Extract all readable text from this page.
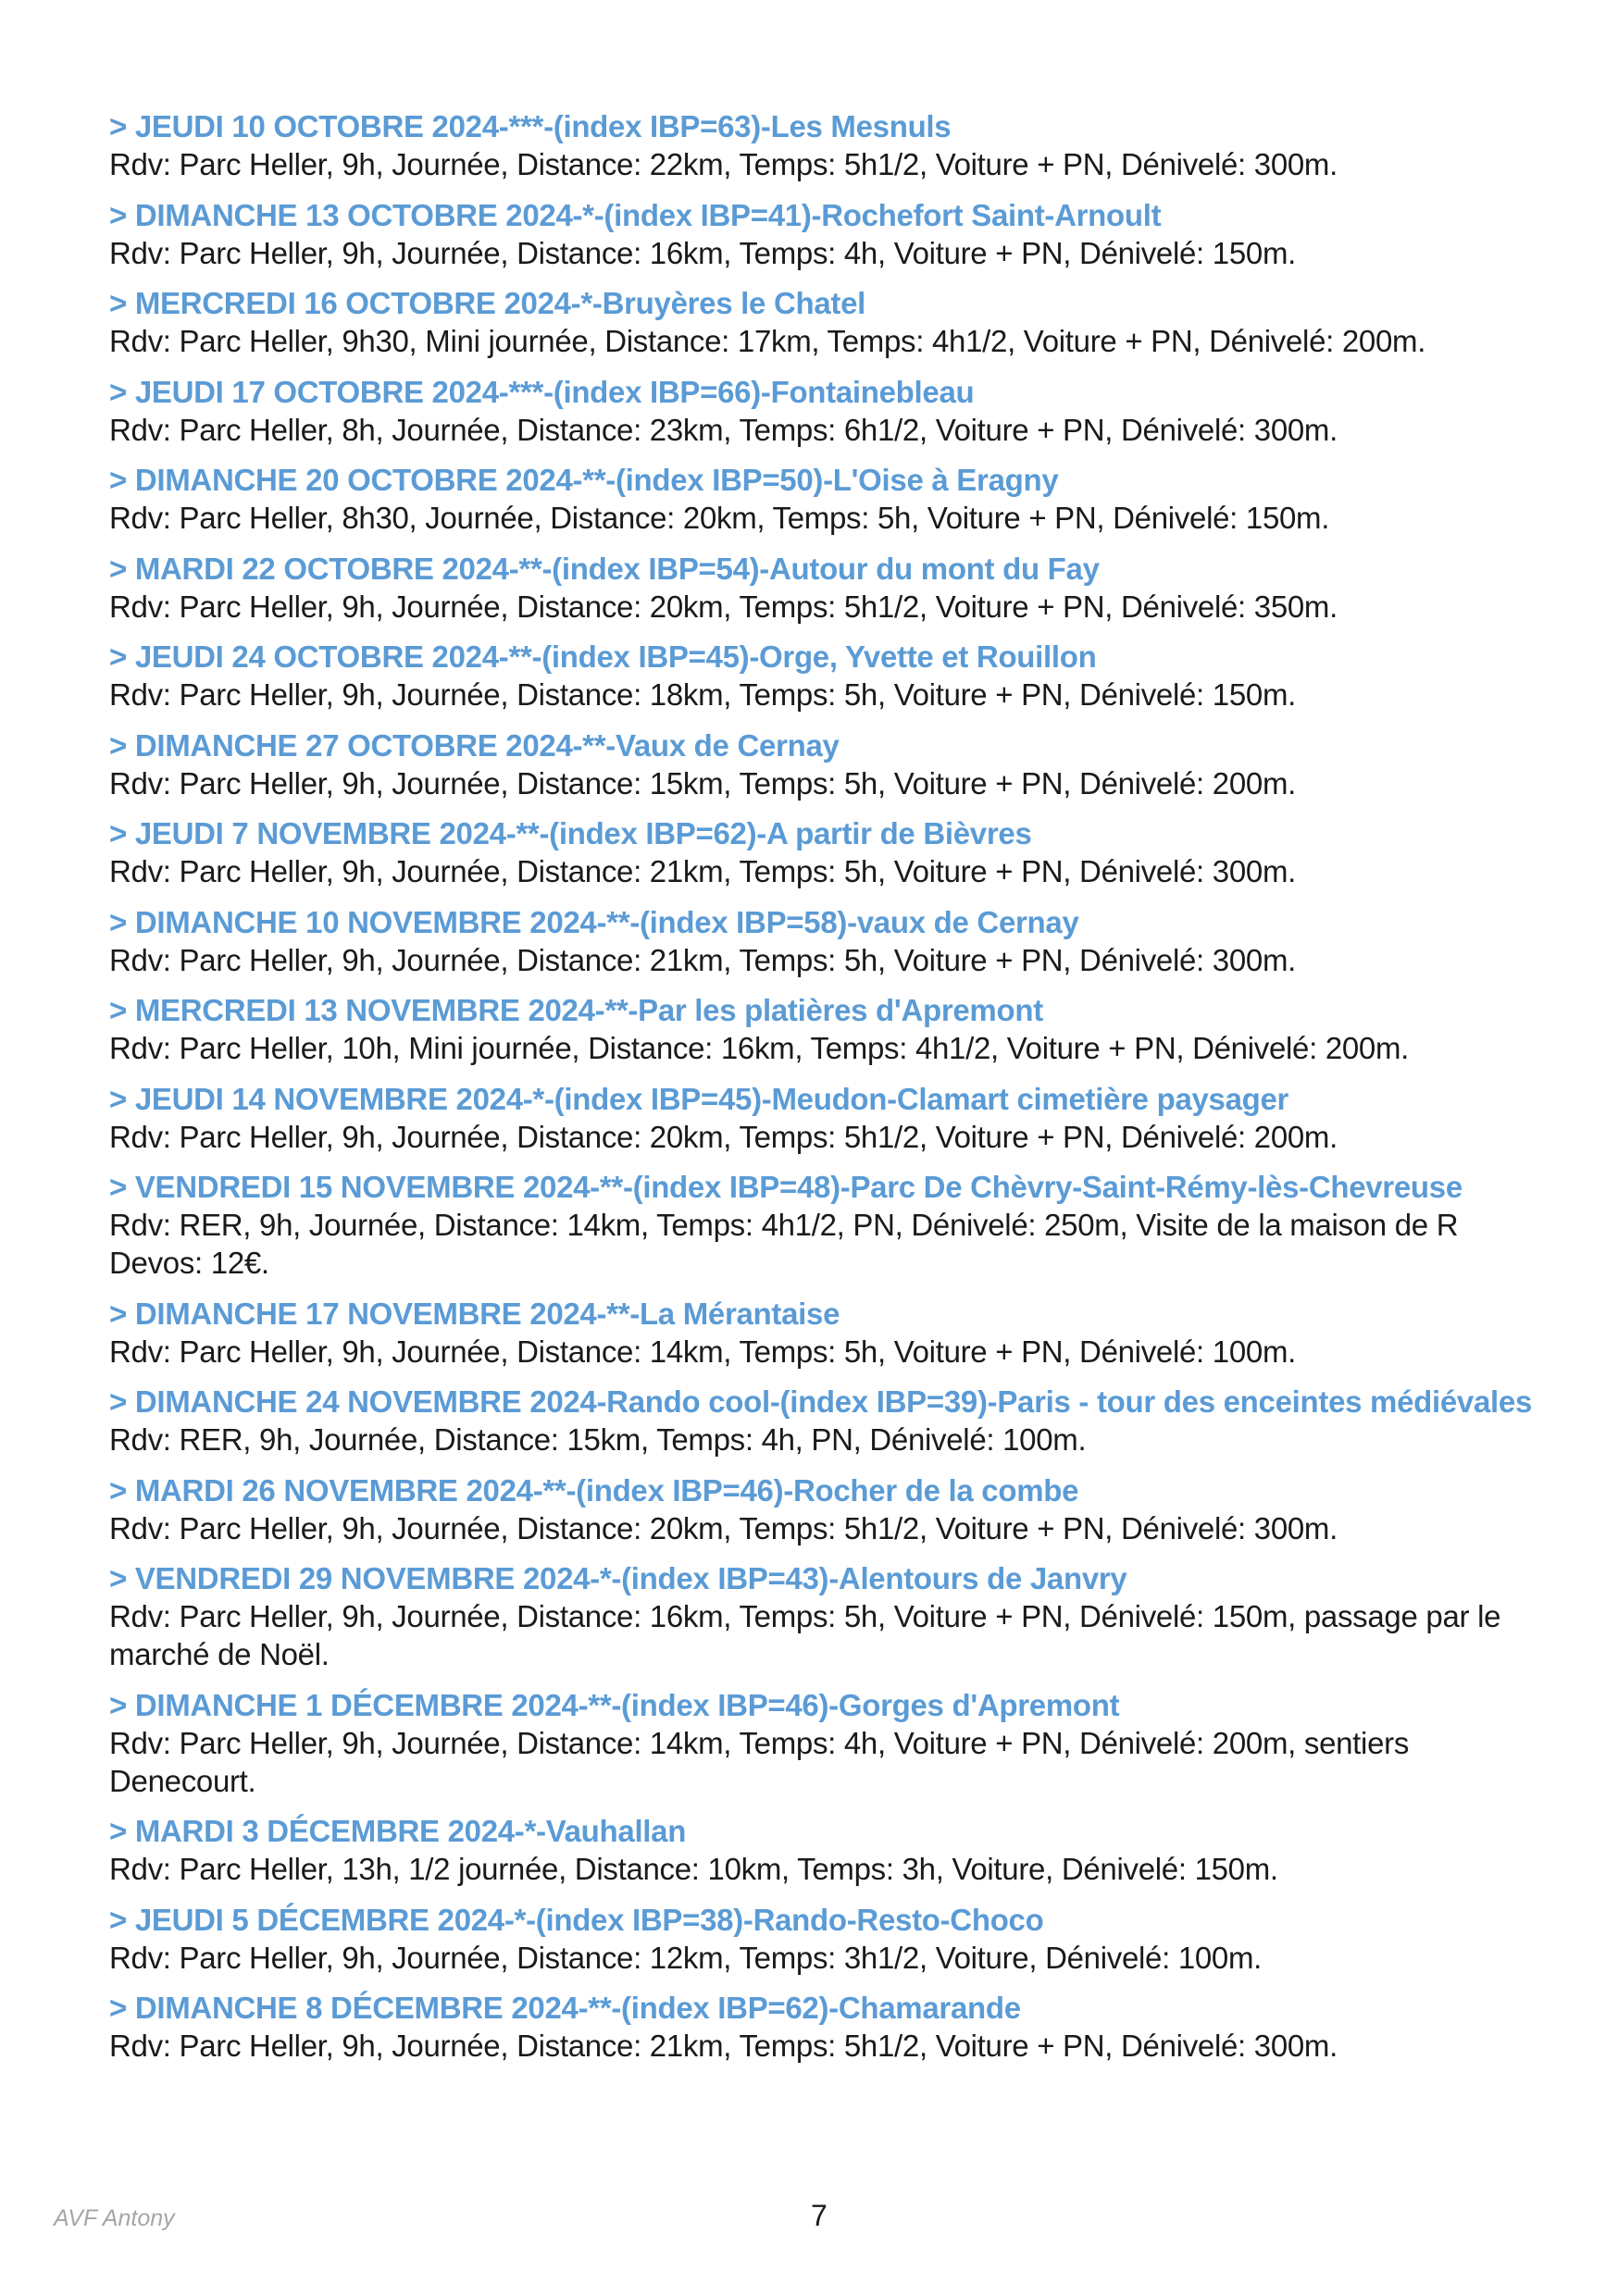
> JEUDI 10 OCTOBRE 2024-***-(index IBP=63)-Les Mesnuls
Rdv: Parc Heller, 9h, Journée, Distance: 22km, Temps: 5h1/2, Voiture + PN, Dénivelé: 300m.
> DIMANCHE 13 OCTOBRE 2024-*-(index IBP=41)-Rochefort Saint-Arnoult
Rdv: Parc Heller, 9h, Journée, Distance: 16km, Temps: 4h, Voiture + PN, Dénivelé: 150m.
> MERCREDI 16 OCTOBRE 2024-*-Bruyères le Chatel
Rdv: Parc Heller, 9h30, Mini journée, Distance: 17km, Temps: 4h1/2, Voiture + PN, Dénivelé: 200m.
> JEUDI 17 OCTOBRE 2024-***-(index IBP=66)-Fontainebleau
Rdv: Parc Heller, 8h, Journée, Distance: 23km, Temps: 6h1/2, Voiture + PN, Dénivelé: 300m.
> DIMANCHE 20 OCTOBRE 2024-**-(index IBP=50)-L'Oise à Eragny
Rdv: Parc Heller, 8h30, Journée, Distance: 20km, Temps: 5h, Voiture + PN, Dénivelé: 150m.
> MARDI 22 OCTOBRE 2024-**-(index IBP=54)-Autour du mont du Fay
Rdv: Parc Heller, 9h, Journée, Distance: 20km, Temps: 5h1/2, Voiture + PN, Dénivelé: 350m.
> JEUDI 24 OCTOBRE 2024-**-(index IBP=45)-Orge, Yvette et Rouillon
Rdv: Parc Heller, 9h, Journée, Distance: 18km, Temps: 5h, Voiture + PN, Dénivelé: 150m.
> DIMANCHE 27 OCTOBRE 2024-**-Vaux de Cernay
Rdv: Parc Heller, 9h, Journée, Distance: 15km, Temps: 5h, Voiture + PN, Dénivelé: 200m.
> JEUDI 7 NOVEMBRE 2024-**-(index IBP=62)-A partir de Bièvres
Rdv: Parc Heller, 9h, Journée, Distance: 21km, Temps: 5h, Voiture + PN, Dénivelé: 300m.
> DIMANCHE 10 NOVEMBRE 2024-**-(index IBP=58)-vaux de Cernay
Rdv: Parc Heller, 9h, Journée, Distance: 21km, Temps: 5h, Voiture + PN, Dénivelé: 300m.
> MERCREDI 13 NOVEMBRE 2024-**-Par les platières d'Apremont
Rdv: Parc Heller, 10h, Mini journée, Distance: 16km, Temps: 4h1/2, Voiture + PN, Dénivelé: 200m.
> JEUDI 14 NOVEMBRE 2024-*-(index IBP=45)-Meudon-Clamart cimetière paysager
Rdv: Parc Heller, 9h, Journée, Distance: 20km, Temps: 5h1/2, Voiture + PN, Dénivelé: 200m.
> VENDREDI 15 NOVEMBRE 2024-**-(index IBP=48)-Parc De Chèvry-Saint-Rémy-lès-Chevreuse
Rdv: RER, 9h, Journée, Distance: 14km, Temps: 4h1/2, PN, Dénivelé: 250m, Visite de la maison de R Devos: 12€.
> DIMANCHE 17 NOVEMBRE 2024-**-La Mérantaise
Rdv: Parc Heller, 9h, Journée, Distance: 14km, Temps: 5h, Voiture + PN, Dénivelé: 100m.
> DIMANCHE 24 NOVEMBRE 2024-Rando cool-(index IBP=39)-Paris - tour des enceintes médiévales
Rdv: RER, 9h, Journée, Distance: 15km, Temps: 4h, PN, Dénivelé: 100m.
> MARDI 26 NOVEMBRE 2024-**-(index IBP=46)-Rocher de la combe
Rdv: Parc Heller, 9h, Journée, Distance: 20km, Temps: 5h1/2, Voiture + PN, Dénivelé: 300m.
> VENDREDI 29 NOVEMBRE 2024-*-(index IBP=43)-Alentours de Janvry
Rdv: Parc Heller, 9h, Journée, Distance: 16km, Temps: 5h, Voiture + PN, Dénivelé: 150m, passage par le marché de Noël.
> DIMANCHE 1 DÉCEMBRE 2024-**-(index IBP=46)-Gorges d'Apremont
Rdv: Parc Heller, 9h, Journée, Distance: 14km, Temps: 4h, Voiture + PN, Dénivelé: 200m, sentiers Denecourt.
> MARDI 3 DÉCEMBRE 2024-*-Vauhallan
Rdv: Parc Heller, 13h, 1/2 journée, Distance: 10km, Temps: 3h, Voiture, Dénivelé: 150m.
> JEUDI 5 DÉCEMBRE 2024-*-(index IBP=38)-Rando-Resto-Choco
Rdv: Parc Heller, 9h, Journée, Distance: 12km, Temps: 3h1/2, Voiture, Dénivelé: 100m.
> DIMANCHE 8 DÉCEMBRE 2024-**-(index IBP=62)-Chamarande
Rdv: Parc Heller, 9h, Journée, Distance: 21km, Temps: 5h1/2, Voiture + PN, Dénivelé: 300m.
AVF Antony	7
